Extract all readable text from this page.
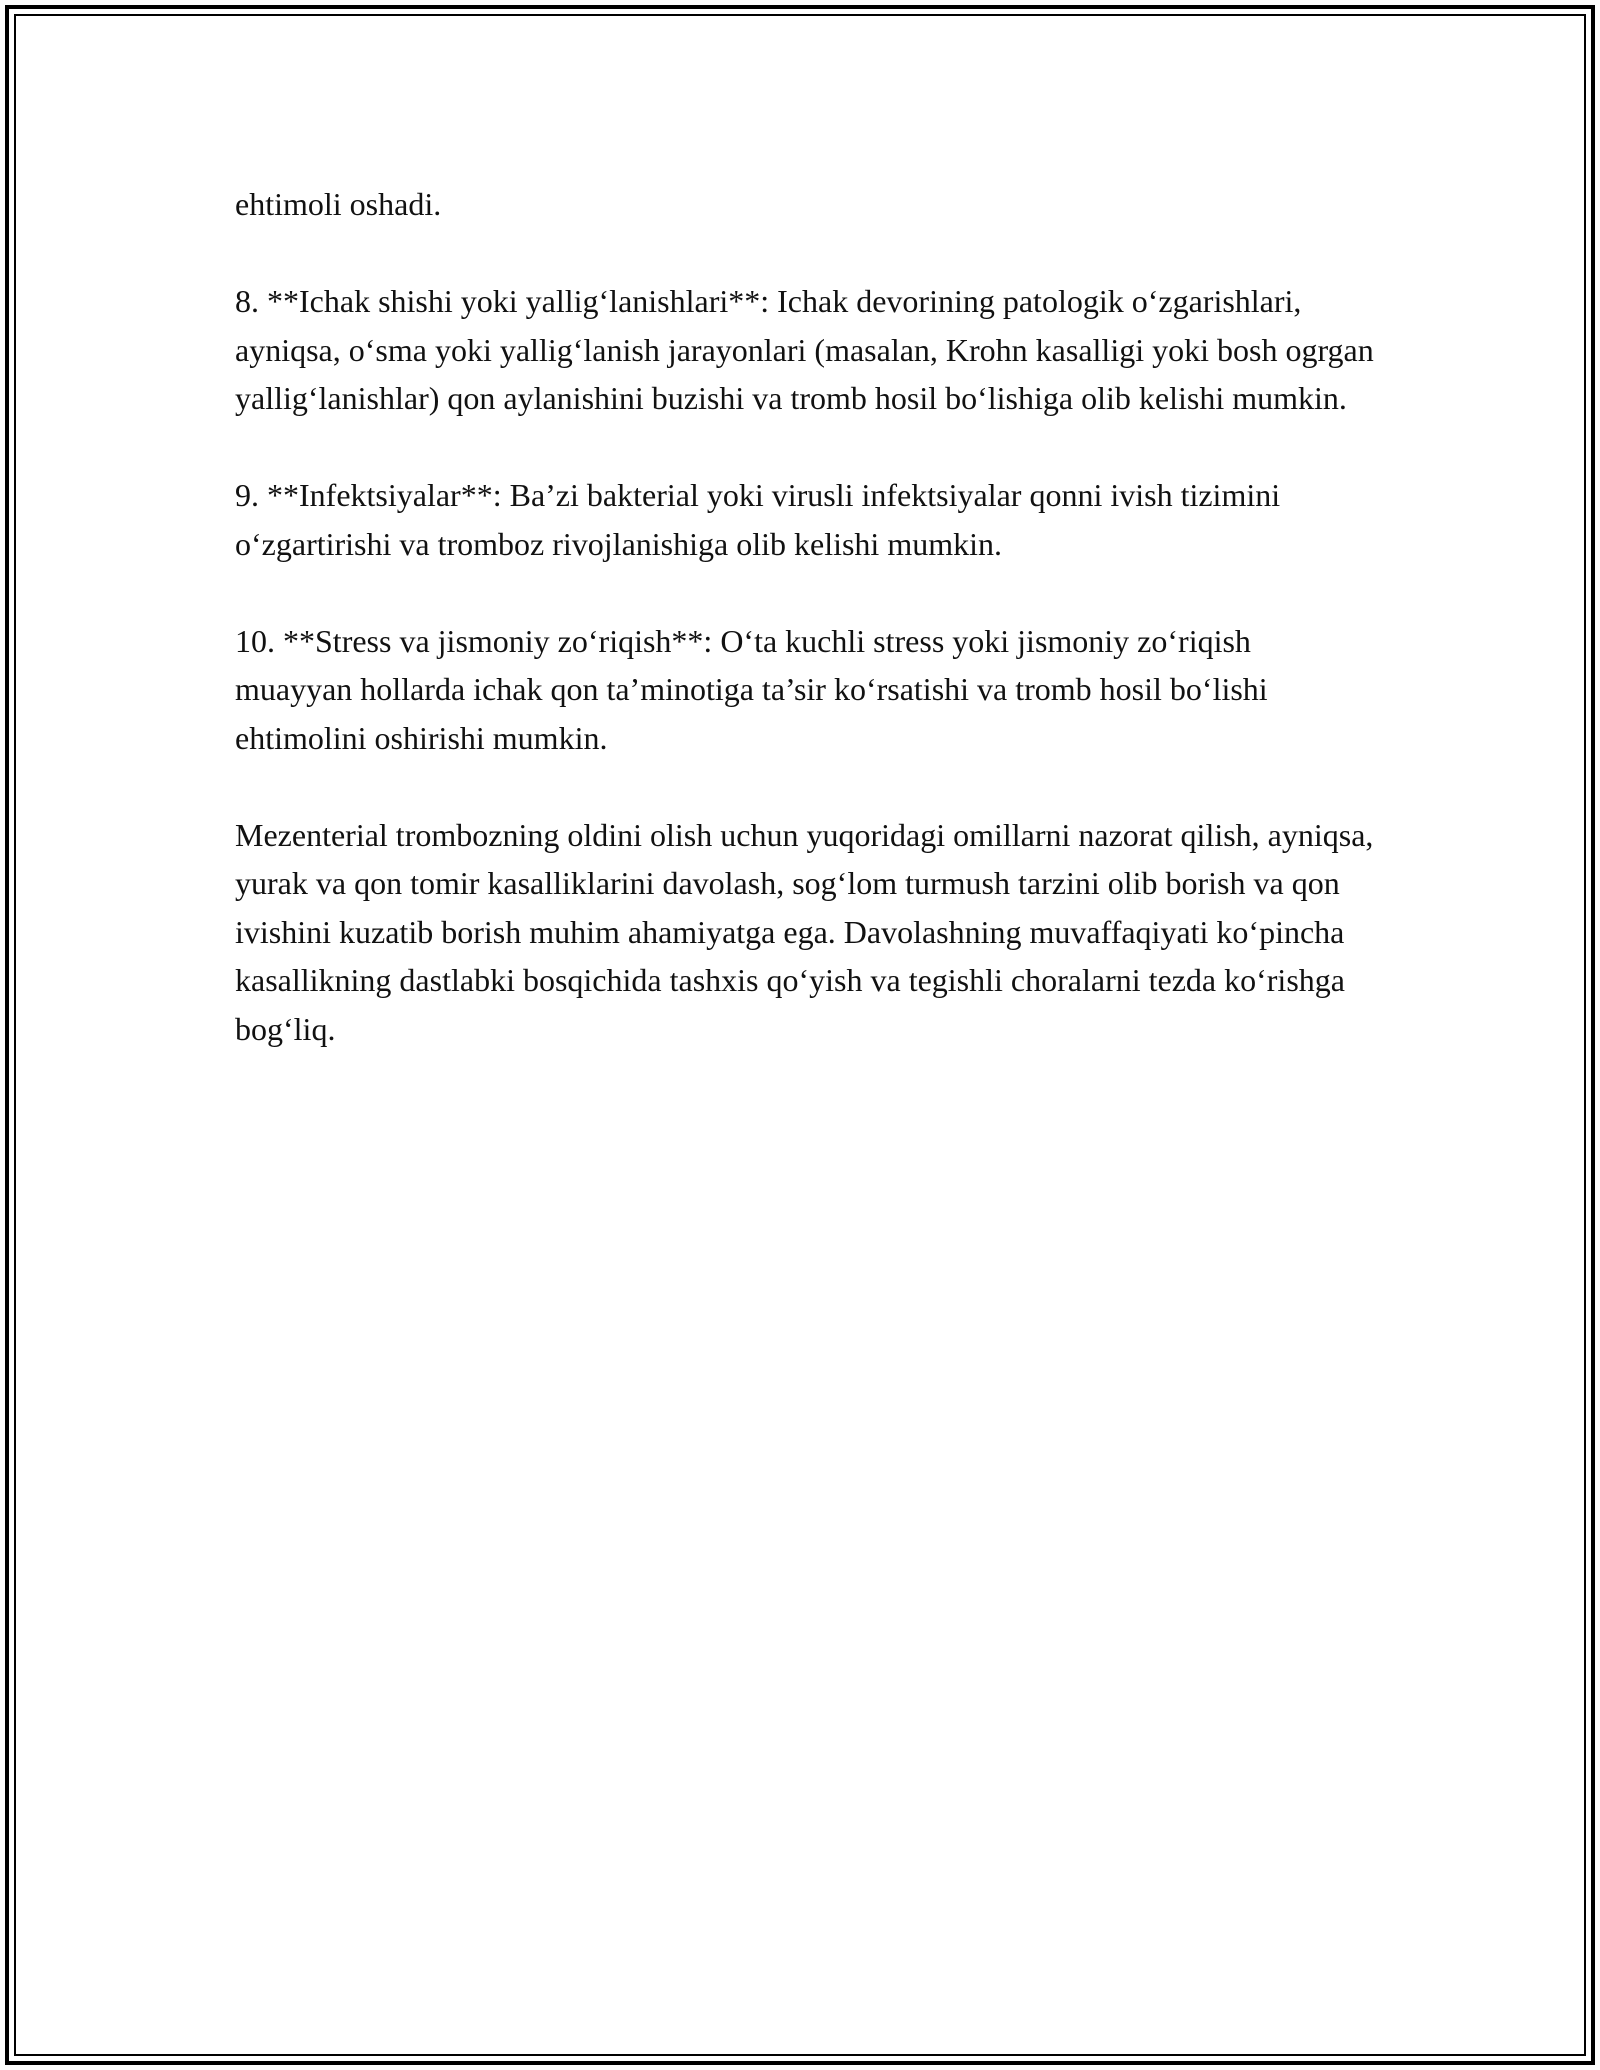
ehtimoli oshadi.

8. **Ichak shishi yoki yallig‘lanishlari**: Ichak devorining patologik o‘zgarishlari, ayniqsa, o‘sma yoki yallig‘lanish jarayonlari (masalan, Krohn kasalligi yoki bosh ogrgan yallig‘lanishlar) qon aylanishini buzishi va tromb hosil bo‘lishiga olib kelishi mumkin.

9. **Infektsiyalar**: Ba’zi bakterial yoki virusli infektsiyalar qonni ivish tizimini o‘zgartirishi va tromboz rivojlanishiga olib kelishi mumkin.

10. **Stress va jismoniy zo‘riqish**: O‘ta kuchli stress yoki jismoniy zo‘riqish muayyan hollarda ichak qon ta’minotiga ta’sir ko‘rsatishi va tromb hosil bo‘lishi ehtimolini oshirishi mumkin.

Mezenterial trombozning oldini olish uchun yuqoridagi omillarni nazorat qilish, ayniqsa, yurak va qon tomir kasalliklarini davolash, sog‘lom turmush tarzini olib borish va qon ivishini kuzatib borish muhim ahamiyatga ega. Davolashning muvaffaqiyati ko‘pincha kasallikning dastlabki bosqichida tashxis qo‘yish va tegishli choralarni tezda ko‘rishga bog‘liq.
